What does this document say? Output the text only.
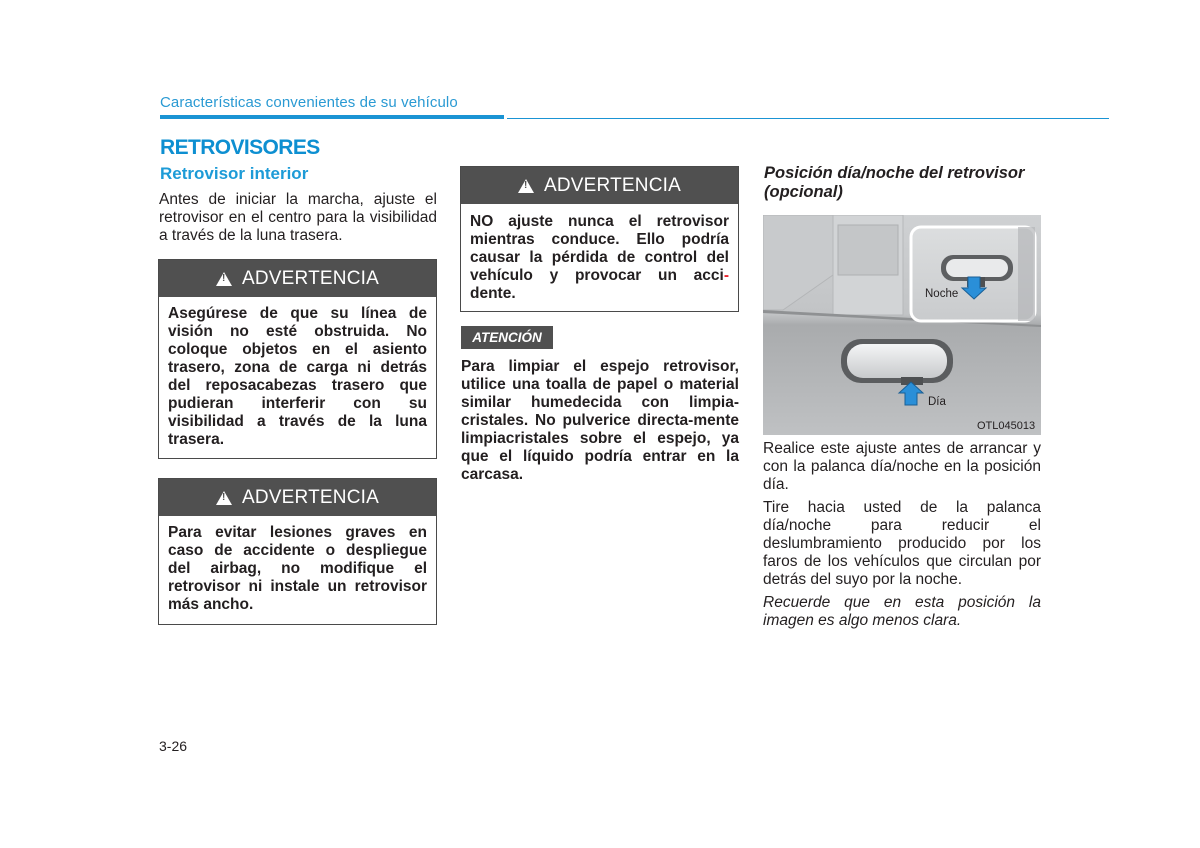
Características convenientes de su vehículo
RETROVISORES
Retrovisor interior
Antes de iniciar la marcha, ajuste el retrovisor en el centro para la visibilidad a través de la luna trasera.
!
ADVERTENCIA
Asegúrese de que su línea de visión no esté obstruida. No coloque objetos en el asiento trasero, zona de carga ni detrás del reposacabezas trasero que pudieran interferir con su visibilidad a través de la luna trasera.
!
ADVERTENCIA
Para evitar lesiones graves en caso de accidente o despliegue del airbag, no modifique el retrovisor ni instale un retrovisor más ancho.
!
ADVERTENCIA
NO ajuste nunca el retrovisor mientras conduce. Ello podría causar la pérdida de control del vehículo y provocar un acci- dente.
ATENCIÓN
Para limpiar el espejo retrovisor, utilice una toalla de papel o material similar humedecida con limpia-cristales. No pulverice directa-mente limpiacristales sobre el espejo, ya que el líquido podría entrar en la carcasa.
Posición día/noche del retrovisor (opcional)
Noche
Día
OTL045013
Realice este ajuste antes de arrancar y con la palanca día/noche en la posición día.
Tire hacia usted de la palanca día/noche para reducir el deslumbramiento producido por los faros de los vehículos que circulan por detrás del suyo por la noche.
Recuerde que en esta posición la imagen es algo menos clara.
3-26
